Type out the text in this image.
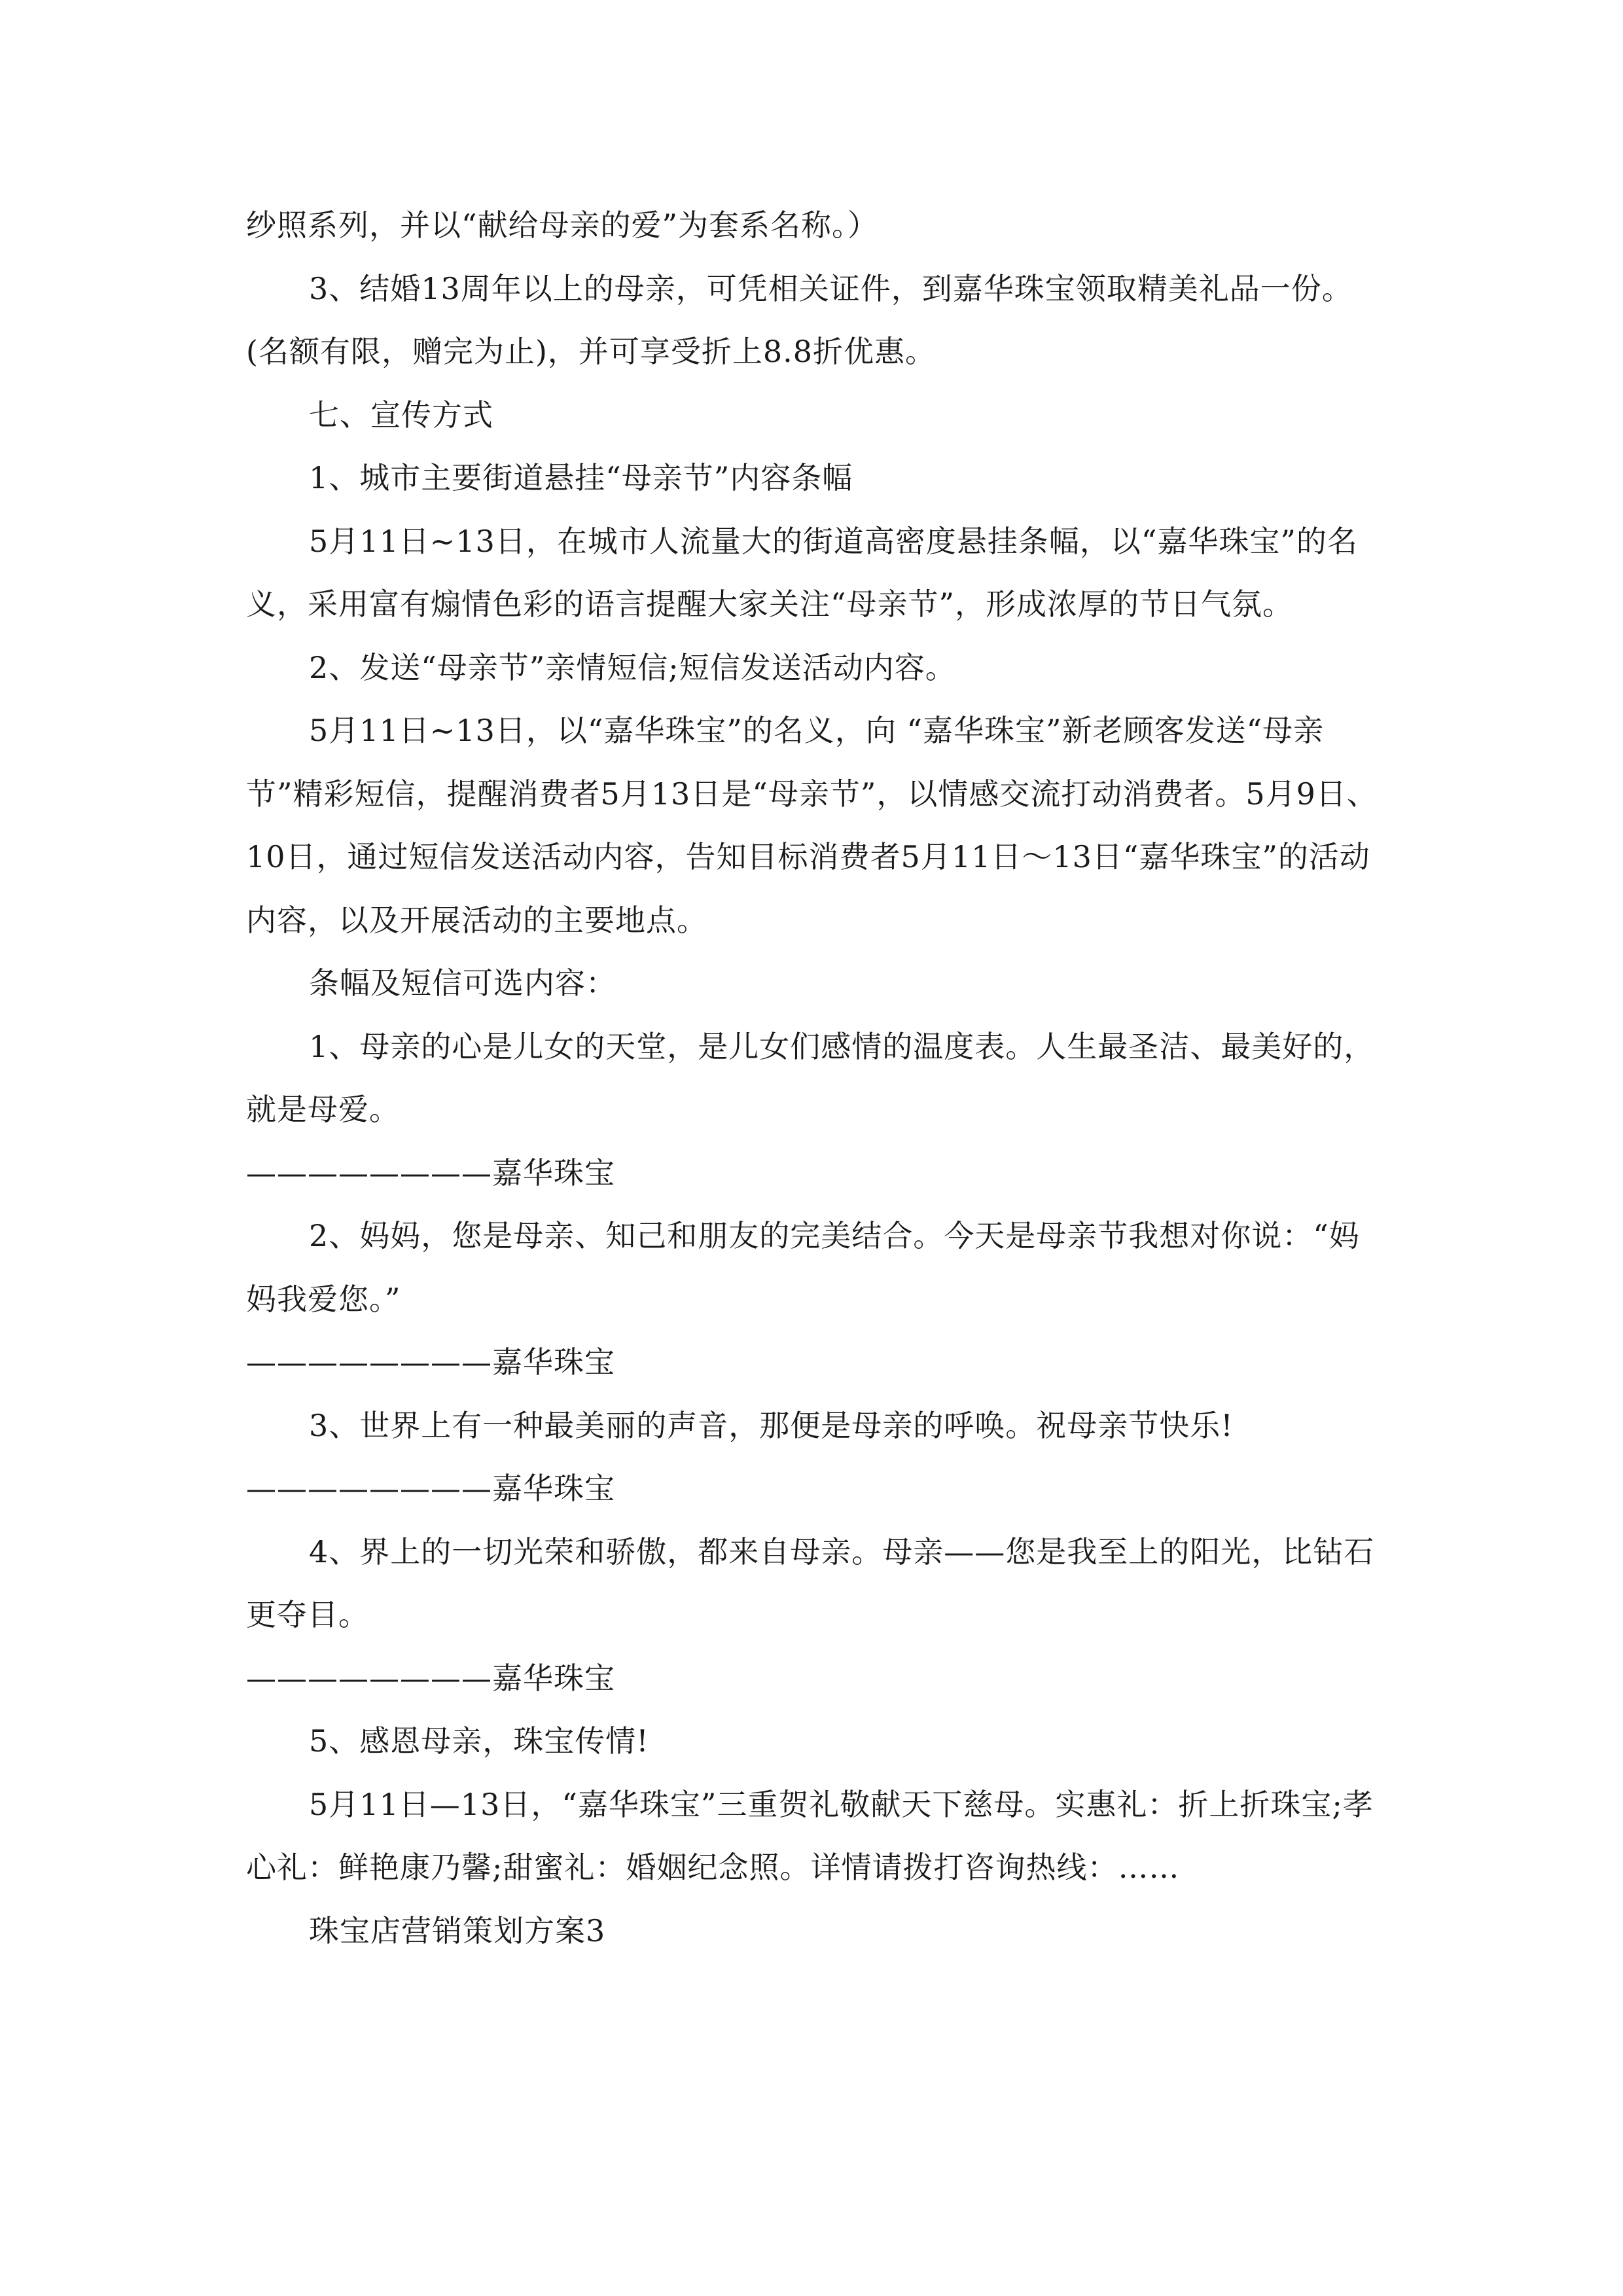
纱照系列，并以“献给母亲的爱”为套系名称。）

3、结婚13周年以上的母亲，可凭相关证件，到嘉华珠宝领取精美礼品一份。(名额有限，赠完为止)，并可享受折上8.8折优惠。

七、宣传方式

1、城市主要街道悬挂“母亲节”内容条幅

5月11日~13日，在城市人流量大的街道高密度悬挂条幅，以“嘉华珠宝”的名义，采用富有煽情色彩的语言提醒大家关注“母亲节”，形成浓厚的节日气氛。

2、发送“母亲节”亲情短信;短信发送活动内容。

5月11日~13日，以“嘉华珠宝”的名义，向 “嘉华珠宝”新老顾客发送“母亲节”精彩短信，提醒消费者5月13日是“母亲节”，以情感交流打动消费者。5月9日、10日，通过短信发送活动内容，告知目标消费者5月11日～13日“嘉华珠宝”的活动内容，以及开展活动的主要地点。

条幅及短信可选内容：

1、母亲的心是儿女的天堂，是儿女们感情的温度表。人生最圣洁、最美好的，就是母爱。

————————嘉华珠宝

2、妈妈，您是母亲、知己和朋友的完美结合。今天是母亲节我想对你说：“妈妈我爱您。”

————————嘉华珠宝

3、世界上有一种最美丽的声音，那便是母亲的呼唤。祝母亲节快乐!

————————嘉华珠宝

4、界上的一切光荣和骄傲，都来自母亲。母亲——您是我至上的阳光，比钻石更夺目。

————————嘉华珠宝

5、感恩母亲，珠宝传情!

5月11日—13日，“嘉华珠宝”三重贺礼敬献天下慈母。实惠礼：折上折珠宝;孝心礼：鲜艳康乃馨;甜蜜礼：婚姻纪念照。详情请拨打咨询热线：……

珠宝店营销策划方案3
